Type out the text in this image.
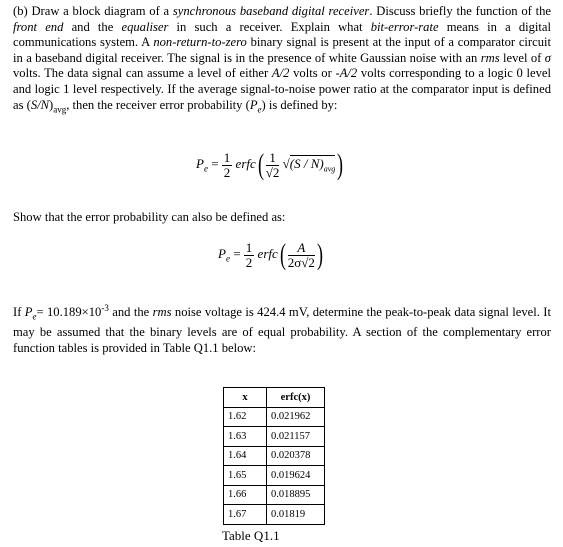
(b) Draw a block diagram of a synchronous baseband digital receiver. Discuss briefly the function of the front end and the equaliser in such a receiver. Explain what bit-error-rate means in a digital communications system. A non-return-to-zero binary signal is present at the input of a comparator circuit in a baseband digital receiver. The signal is in the presence of white Gaussian noise with an rms level of σ volts. The data signal can assume a level of either A/2 volts or -A/2 volts corresponding to a logic 0 level and logic 1 level respectively. If the average signal-to-noise power ratio at the comparator input is defined as $(S/N)_{avg}$, then the receiver error probability $(P_e)$ is defined by:

$P_e = \frac{1}{2}$ erfc( $\frac{1}{√2} √(S / N)_{avg}$)

Show that the error probability can also be defined as:

$P_e = \frac{1}{2}$ erfc( $\frac{A}{2\sigma√2}$ )

If $P_e= 10.189\times 10^{-3}$ and the rms noise voltage is 424.4 mV, determine the peak-to-peak data signal level. It may be assumed that the binary levels are of equal probability. A section of the complementary error function tables is provided in Table Q1.1 below:

x	erfc(x)
1.62	0.021962
1.63	0.021157
1.64	0.020378
1.65	0.019624
1.66	0.018895
1.67	0.01819
Table Q1.1
